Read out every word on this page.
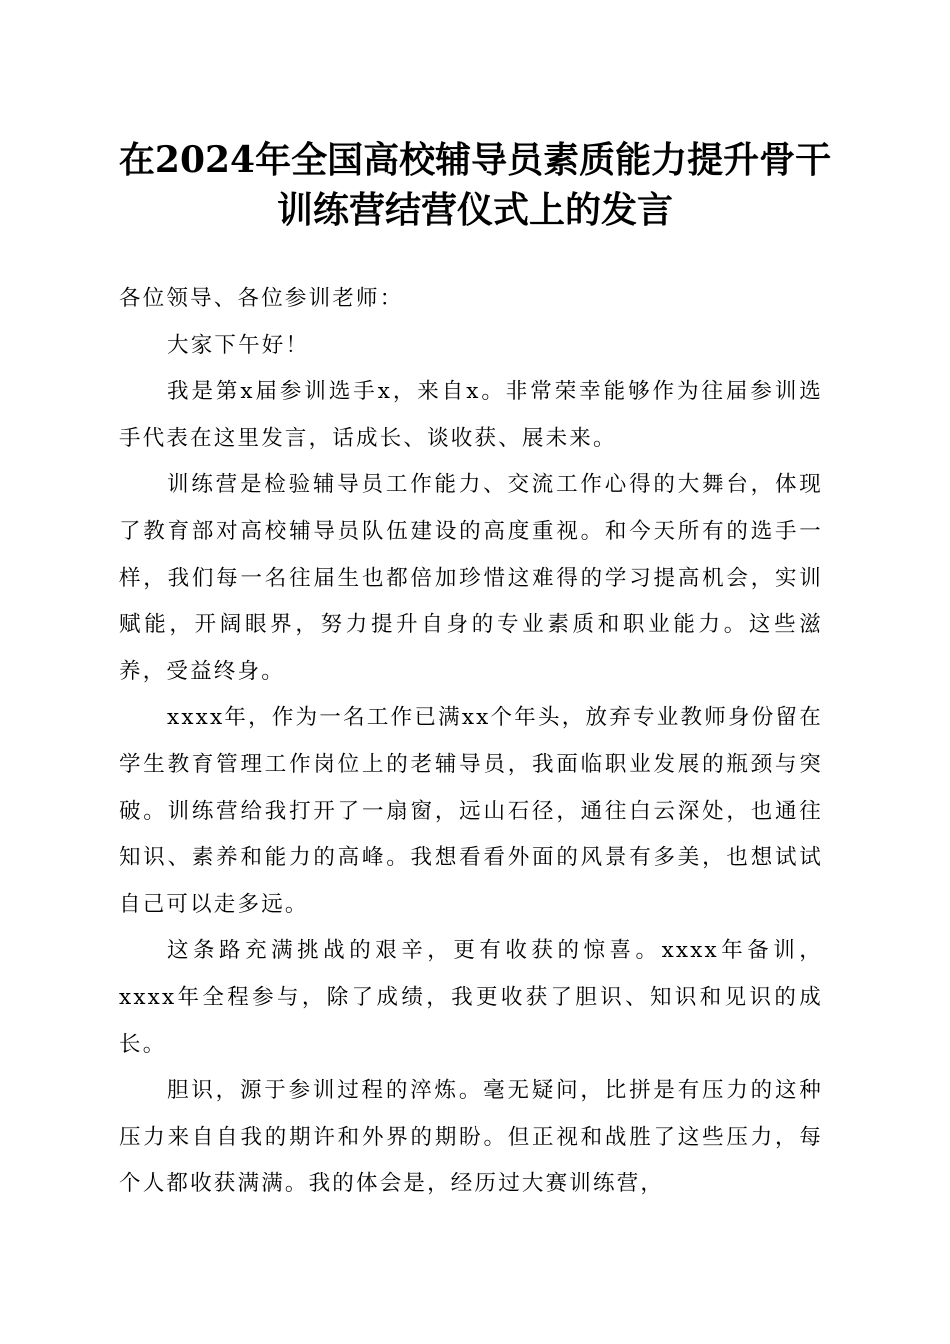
在2024年全国高校辅导员素质能力提升骨干
训练营结营仪式上的发言

各位领导、各位参训老师：

大家下午好！

我是第x届参训选手x，来自x。非常荣幸能够作为往届参训选手代表在这里发言，话成长、谈收获、展未来。

训练营是检验辅导员工作能力、交流工作心得的大舞台，体现了教育部对高校辅导员队伍建设的高度重视。和今天所有的选手一样，我们每一名往届生也都倍加珍惜这难得的学习提高机会，实训赋能，开阔眼界，努力提升自身的专业素质和职业能力。这些滋养，受益终身。

xxxx年，作为一名工作已满xx个年头，放弃专业教师身份留在学生教育管理工作岗位上的老辅导员，我面临职业发展的瓶颈与突破。训练营给我打开了一扇窗，远山石径，通往白云深处，也通往知识、素养和能力的高峰。我想看看外面的风景有多美，也想试试自己可以走多远。

这条路充满挑战的艰辛，更有收获的惊喜。xxxx年备训，xxxx年全程参与，除了成绩，我更收获了胆识、知识和见识的成长。

胆识，源于参训过程的淬炼。毫无疑问，比拼是有压力的这种压力来自自我的期许和外界的期盼。但正视和战胜了这些压力，每个人都收获满满。我的体会是，经历过大赛训练营，
